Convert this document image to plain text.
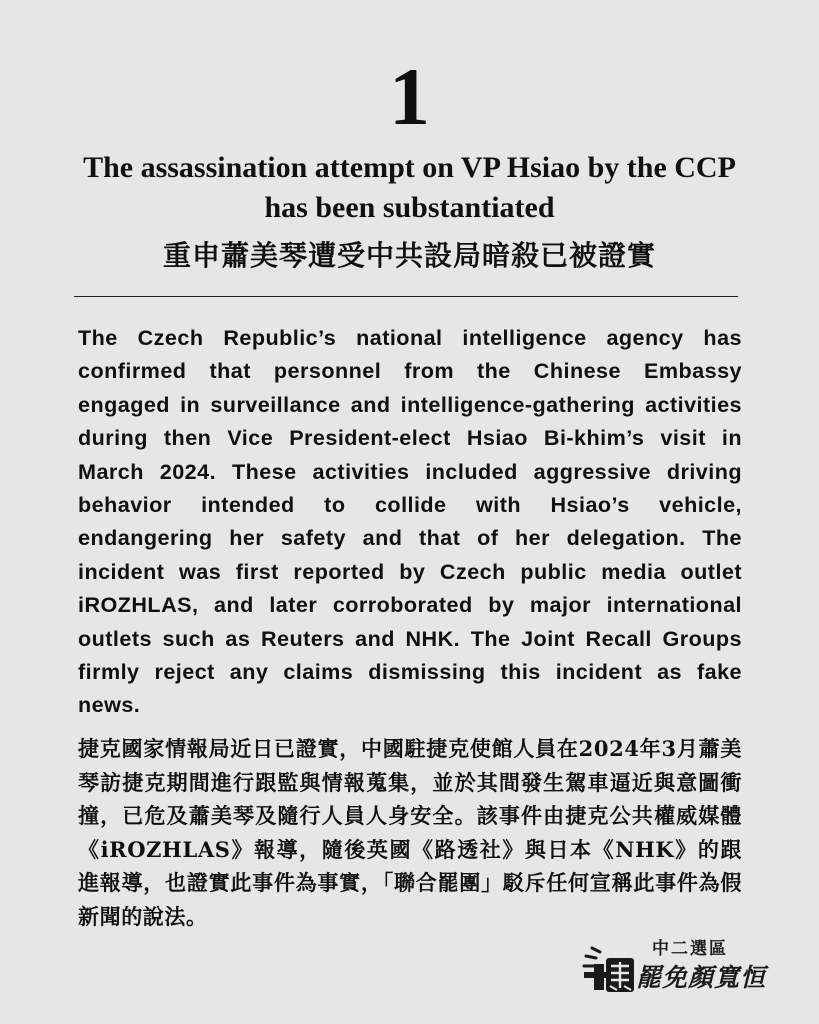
1
The assassination attempt on VP Hsiao by the CCP
has been substantiated
重申蕭美琴遭受中共設局暗殺已被證實
The Czech Republic’s national intelligence agency has confirmed that personnel from the Chinese Embassy engaged in surveillance and intelligence-gathering activities during then Vice President-elect Hsiao Bi-khim’s visit in March 2024. These activities included aggressive driving behavior intended to collide with Hsiao’s vehicle, endangering her safety and that of her delegation. The incident was first reported by Czech public media outlet iROZHLAS, and later corroborated by major international outlets such as Reuters and NHK. The Joint Recall Groups firmly reject any claims dismissing this incident as fake news.
捷克國家情報局近日已證實，中國駐捷克使館人員在2024年3月蕭美琴訪捷克期間進行跟監與情報蒐集，並於其間發生駕車逼近與意圖衝撞，已危及蕭美琴及隨行人員人身安全。該事件由捷克公共權威媒體《iROZHLAS》報導，隨後英國《路透社》與日本《NHK》的跟進報導，也證實此事件為事實，「聯合罷團」駁斥任何宣稱此事件為假新聞的說法。
中二選區
罷免顏寬恒
